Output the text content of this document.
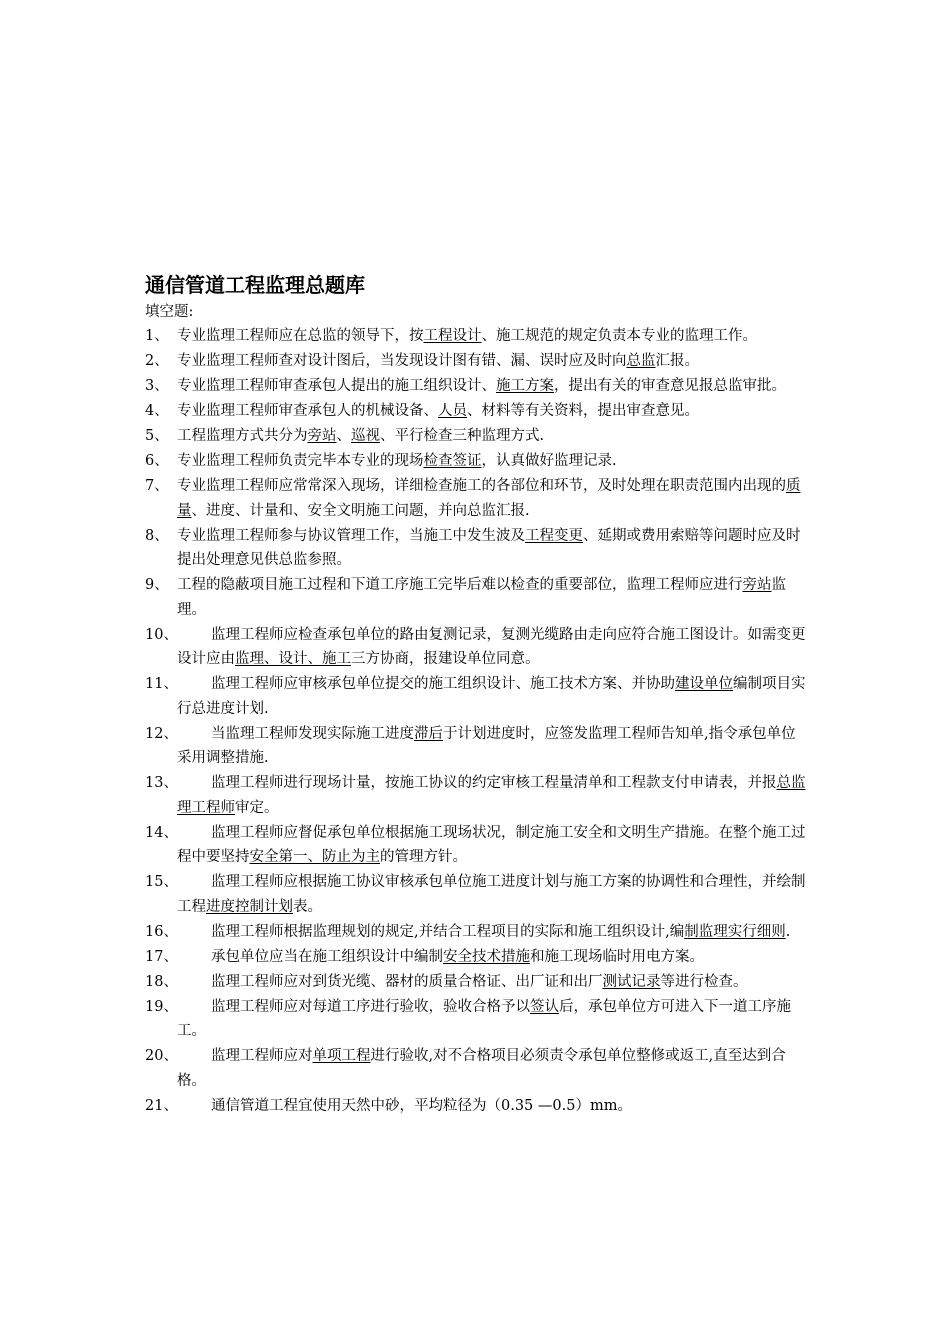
通信管道工程监理总题库
填空题:
1、 专业监理工程师应在总监的领导下，按工程设计、施工规范的规定负责本专业的监理工作。
2、 专业监理工程师查对设计图后，当发现设计图有错、漏、误时应及时向总监汇报。
3、 专业监理工程师审查承包人提出的施工组织设计、施工方案，提出有关的审查意见报总监审批。
4、 专业监理工程师审查承包人的机械设备、人员、材料等有关资料，提出审查意见。
5、 工程监理方式共分为旁站、巡视、平行检查三种监理方式.
6、 专业监理工程师负责完毕本专业的现场检查签证，认真做好监理记录.
7、 专业监理工程师应常常深入现场，详细检查施工的各部位和环节，及时处理在职责范围内出现的质量、进度、计量和、安全文明施工问题，并向总监汇报.
8、 专业监理工程师参与协议管理工作，当施工中发生波及工程变更、延期或费用索赔等问题时应及时提出处理意见供总监参照。
9、 工程的隐蔽项目施工过程和下道工序施工完毕后难以检查的重要部位，监理工程师应进行旁站监理。
10、	监理工程师应检查承包单位的路由复测记录，复测光缆路由走向应符合施工图设计。如需变更设计应由监理、设计、施工三方协商，报建设单位同意。
11、	监理工程师应审核承包单位提交的施工组织设计、施工技术方案、并协助建设单位编制项目实行总进度计划.
12、	当监理工程师发现实际施工进度滞后于计划进度时，应签发监理工程师告知单,指令承包单位采用调整措施.
13、	监理工程师进行现场计量，按施工协议的约定审核工程量清单和工程款支付申请表，并报总监理工程师审定。
14、	监理工程师应督促承包单位根据施工现场状况，制定施工安全和文明生产措施。在整个施工过程中要坚持安全第一、防止为主的管理方针。
15、	监理工程师应根据施工协议审核承包单位施工进度计划与施工方案的协调性和合理性，并绘制工程进度控制计划表。
16、	监理工程师根据监理规划的规定,并结合工程项目的实际和施工组织设计,编制监理实行细则.
17、	承包单位应当在施工组织设计中编制安全技术措施和施工现场临时用电方案。
18、	监理工程师应对到货光缆、器材的质量合格证、出厂证和出厂测试记录等进行检查。
19、	监理工程师应对每道工序进行验收，验收合格予以签认后，承包单位方可进入下一道工序施工。
20、	监理工程师应对单项工程进行验收,对不合格项目必须责令承包单位整修或返工,直至达到合格。
21、	通信管道工程宜使用天然中砂，平均粒径为（0.35 —0.5）mm。
